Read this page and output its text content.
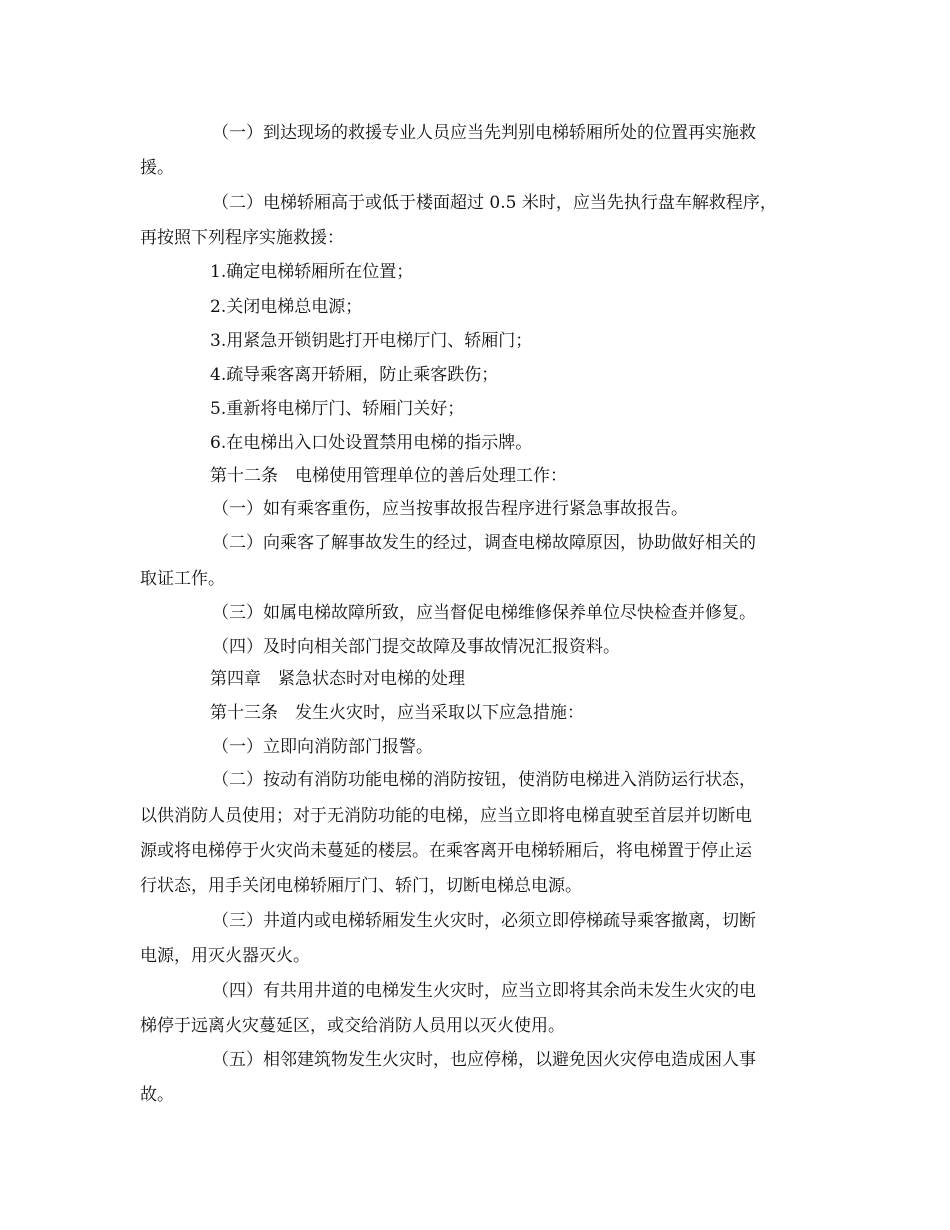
（一）到达现场的救援专业人员应当先判别电梯轿厢所处的位置再实施救
援。
（二）电梯轿厢高于或低于楼面超过 0.5 米时，应当先执行盘车解救程序，
再按照下列程序实施救援：
1.确定电梯轿厢所在位置；
2.关闭电梯总电源；
3.用紧急开锁钥匙打开电梯厅门、轿厢门；
4.疏导乘客离开轿厢，防止乘客跌伤；
5.重新将电梯厅门、轿厢门关好；
6.在电梯出入口处设置禁用电梯的指示牌。
第十二条　电梯使用管理单位的善后处理工作：
（一）如有乘客重伤，应当按事故报告程序进行紧急事故报告。
（二）向乘客了解事故发生的经过，调查电梯故障原因，协助做好相关的
取证工作。
（三）如属电梯故障所致，应当督促电梯维修保养单位尽快检查并修复。
（四）及时向相关部门提交故障及事故情况汇报资料。
第四章　紧急状态时对电梯的处理
第十三条　发生火灾时，应当采取以下应急措施：
（一）立即向消防部门报警。
（二）按动有消防功能电梯的消防按钮，使消防电梯进入消防运行状态，
以供消防人员使用；对于无消防功能的电梯，应当立即将电梯直驶至首层并切断电
源或将电梯停于火灾尚未蔓延的楼层。在乘客离开电梯轿厢后，将电梯置于停止运
行状态，用手关闭电梯轿厢厅门、轿门，切断电梯总电源。
（三）井道内或电梯轿厢发生火灾时，必须立即停梯疏导乘客撤离，切断
电源，用灭火器灭火。
（四）有共用井道的电梯发生火灾时，应当立即将其余尚未发生火灾的电
梯停于远离火灾蔓延区，或交给消防人员用以灭火使用。
（五）相邻建筑物发生火灾时，也应停梯，以避免因火灾停电造成困人事
故。
